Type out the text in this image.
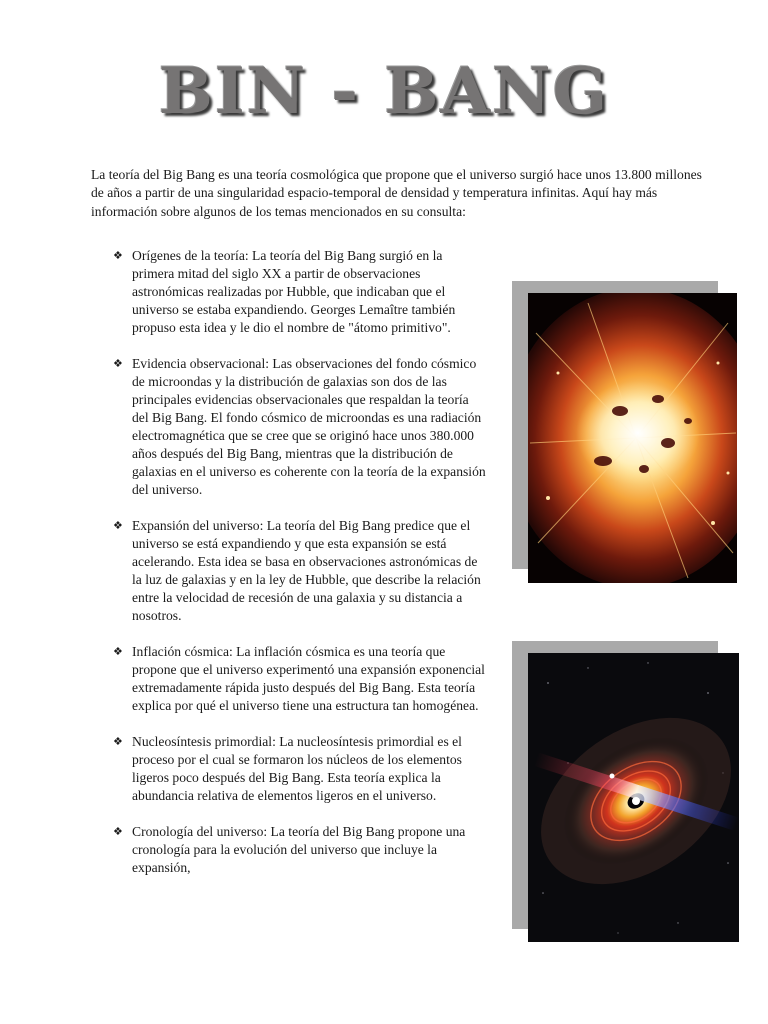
BIN - BANG

La teoría del Big Bang es una teoría cosmológica que propone que el universo surgió hace unos 13.800 millones de años a partir de una singularidad espacio-temporal de densidad y temperatura infinitas. Aquí hay más información sobre algunos de los temas mencionados en su consulta:

❖ Orígenes de la teoría: La teoría del Big Bang surgió en la primera mitad del siglo XX a partir de observaciones astronómicas realizadas por Hubble, que indicaban que el universo se estaba expandiendo. Georges Lemaître también propuso esta idea y le dio el nombre de "átomo primitivo".
❖ Evidencia observacional: Las observaciones del fondo cósmico de microondas y la distribución de galaxias son dos de las principales evidencias observacionales que respaldan la teoría del Big Bang. El fondo cósmico de microondas es una radiación electromagnética que se cree que se originó hace unos 380.000 años después del Big Bang, mientras que la distribución de galaxias en el universo es coherente con la teoría de la expansión del universo.
❖ Expansión del universo: La teoría del Big Bang predice que el universo se está expandiendo y que esta expansión se está acelerando. Esta idea se basa en observaciones astronómicas de la luz de galaxias y en la ley de Hubble, que describe la relación entre la velocidad de recesión de una galaxia y su distancia a nosotros.
❖ Inflación cósmica: La inflación cósmica es una teoría que propone que el universo experimentó una expansión exponencial extremadamente rápida justo después del Big Bang. Esta teoría explica por qué el universo tiene una estructura tan homogénea.
❖ Nucleosíntesis primordial: La nucleosíntesis primordial es el proceso por el cual se formaron los núcleos de los elementos ligeros poco después del Big Bang. Esta teoría explica la abundancia relativa de elementos ligeros en el universo.
❖ Cronología del universo: La teoría del Big Bang propone una cronología para la evolución del universo que incluye la expansión,
